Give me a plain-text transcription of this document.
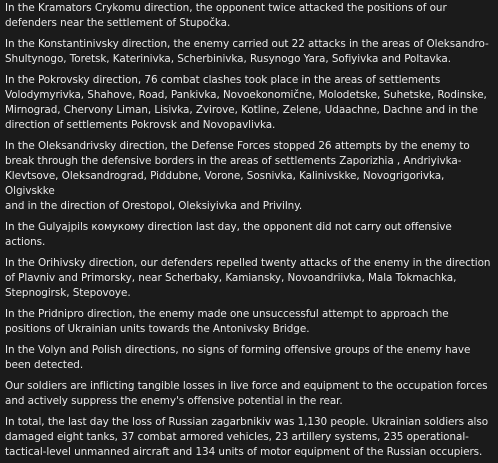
In the Kramators Crykomu direction, the opponent twice attacked the positions of our
defenders near the settlement of Stupočka.

In the Konstantinivsky direction, the enemy carried out 22 attacks in the areas of Oleksandro-
Shultynogo, Toretsk, Katerinivka, Scherbinivka, Rusynogo Yara, Sofiyivka and Poltavka.

In the Pokrovsky direction, 76 combat clashes took place in the areas of settlements
Volodymyrivka, Shahove, Road, Pankivka, Novoekonomične, Molodetske, Suhetske, Rodinske,
Mirnograd, Chervony Liman, Lisivka, Zvirove, Kotline, Zelene, Udaachne, Dachne and in the
direction of settlements Pokrovsk and Novopavlivka.

In the Oleksandrivsky direction, the Defense Forces stopped 26 attempts by the enemy to
break through the defensive borders in the areas of settlements Zaporizhia , Andriyivka-
Klevtsove, Oleksandrograd, Piddubne, Vorone, Sosnivka, Kalinivskke, Novogrigorivka, Olgivskke
and in the direction of Orestopol, Oleksiyivka and Privilny.

In the Gulyajpils комукому direction last day, the opponent did not carry out offensive
actions.

In the Orihivsky direction, our defenders repelled twenty attacks of the enemy in the direction
of Plavniv and Primorsky, near Scherbaky, Kamiansky, Novoandriivka, Mala Tokmachka,
Stepnogirsk, Stepovoye.

In the Pridnipro direction, the enemy made one unsuccessful attempt to approach the
positions of Ukrainian units towards the Antonivsky Bridge.

In the Volyn and Polish directions, no signs of forming offensive groups of the enemy have
been detected.

Our soldiers are inflicting tangible losses in live force and equipment to the occupation forces
and actively suppress the enemy's offensive potential in the rear.

In total, the last day the loss of Russian zagarbnikiv was 1,130 people. Ukrainian soldiers also
damaged eight tanks, 37 combat armored vehicles, 23 artillery systems, 235 operational-
tactical-level unmanned aircraft and 134 units of motor equipment of the Russian occupiers.
